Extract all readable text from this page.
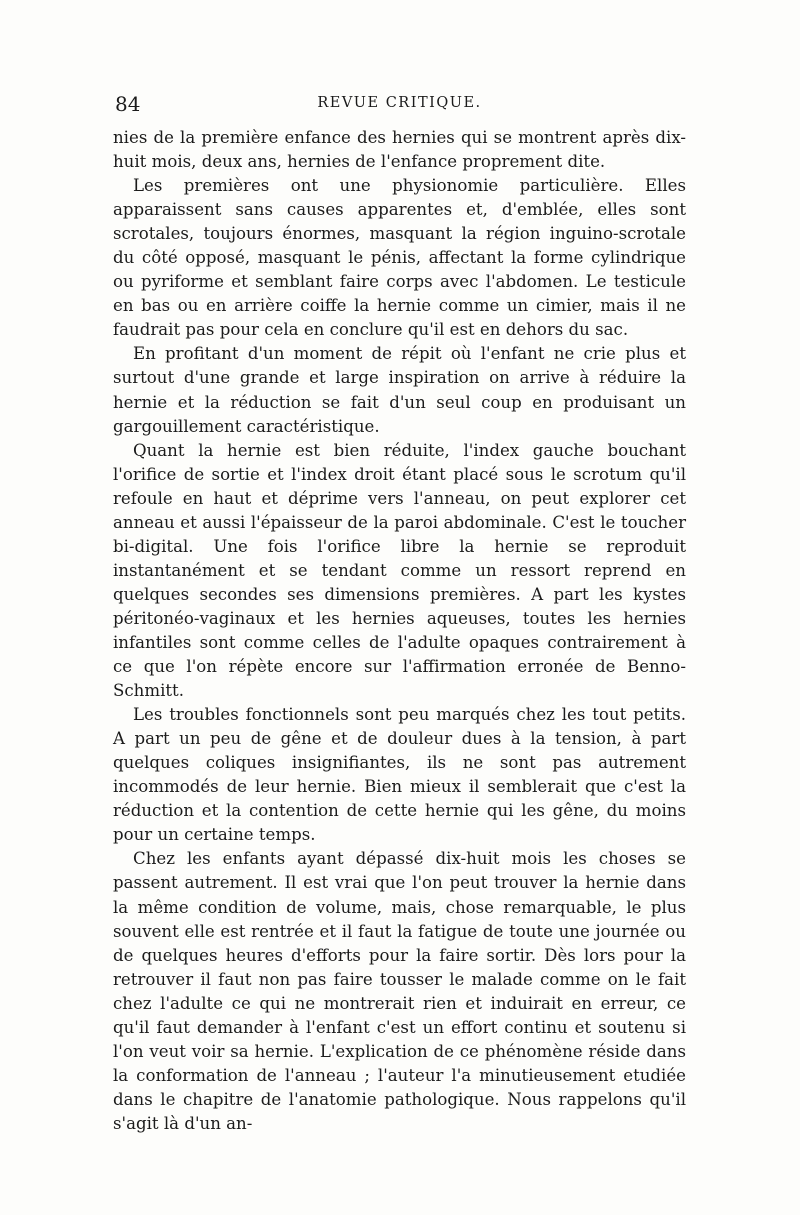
84	REVUE CRITIQUE.

nies de la première enfance des hernies qui se montrent après dix-huit mois, deux ans, hernies de l'enfance proprement dite.

Les premières ont une physionomie particulière. Elles apparaissent sans causes apparentes et, d'emblée, elles sont scrotales, toujours énormes, masquant la région inguino-scrotale du côté opposé, masquant le pénis, affectant la forme cylindrique ou pyriforme et semblant faire corps avec l'abdomen. Le testicule en bas ou en arrière coiffe la hernie comme un cimier, mais il ne faudrait pas pour cela en conclure qu'il est en dehors du sac.

En profitant d'un moment de répit où l'enfant ne crie plus et surtout d'une grande et large inspiration on arrive à réduire la hernie et la réduction se fait d'un seul coup en produisant un gargouillement caractéristique.

Quant la hernie est bien réduite, l'index gauche bouchant l'orifice de sortie et l'index droit étant placé sous le scrotum qu'il refoule en haut et déprime vers l'anneau, on peut explorer cet anneau et aussi l'épaisseur de la paroi abdominale. C'est le toucher bi-digital. Une fois l'orifice libre la hernie se reproduit instantanément et se tendant comme un ressort reprend en quelques secondes ses dimensions premières. A part les kystes péritonéo-vaginaux et les hernies aqueuses, toutes les hernies infantiles sont comme celles de l'adulte opaques contrairement à ce que l'on répète encore sur l'affirmation erronée de Benno-Schmitt.

Les troubles fonctionnels sont peu marqués chez les tout petits. A part un peu de gêne et de douleur dues à la tension, à part quelques coliques insignifiantes, ils ne sont pas autrement incommodés de leur hernie. Bien mieux il semblerait que c'est la réduction et la contention de cette hernie qui les gêne, du moins pour un certaine temps.

Chez les enfants ayant dépassé dix-huit mois les choses se passent autrement. Il est vrai que l'on peut trouver la hernie dans la même condition de volume, mais, chose remarquable, le plus souvent elle est rentrée et il faut la fatigue de toute une journée ou de quelques heures d'efforts pour la faire sortir. Dès lors pour la retrouver il faut non pas faire tousser le malade comme on le fait chez l'adulte ce qui ne montrerait rien et induirait en erreur, ce qu'il faut demander à l'enfant c'est un effort continu et soutenu si l'on veut voir sa hernie. L'explication de ce phénomène réside dans la conformation de l'anneau ; l'auteur l'a minutieusement etudiée dans le chapitre de l'anatomie pathologique. Nous rappelons qu'il s'agit là d'un an-
